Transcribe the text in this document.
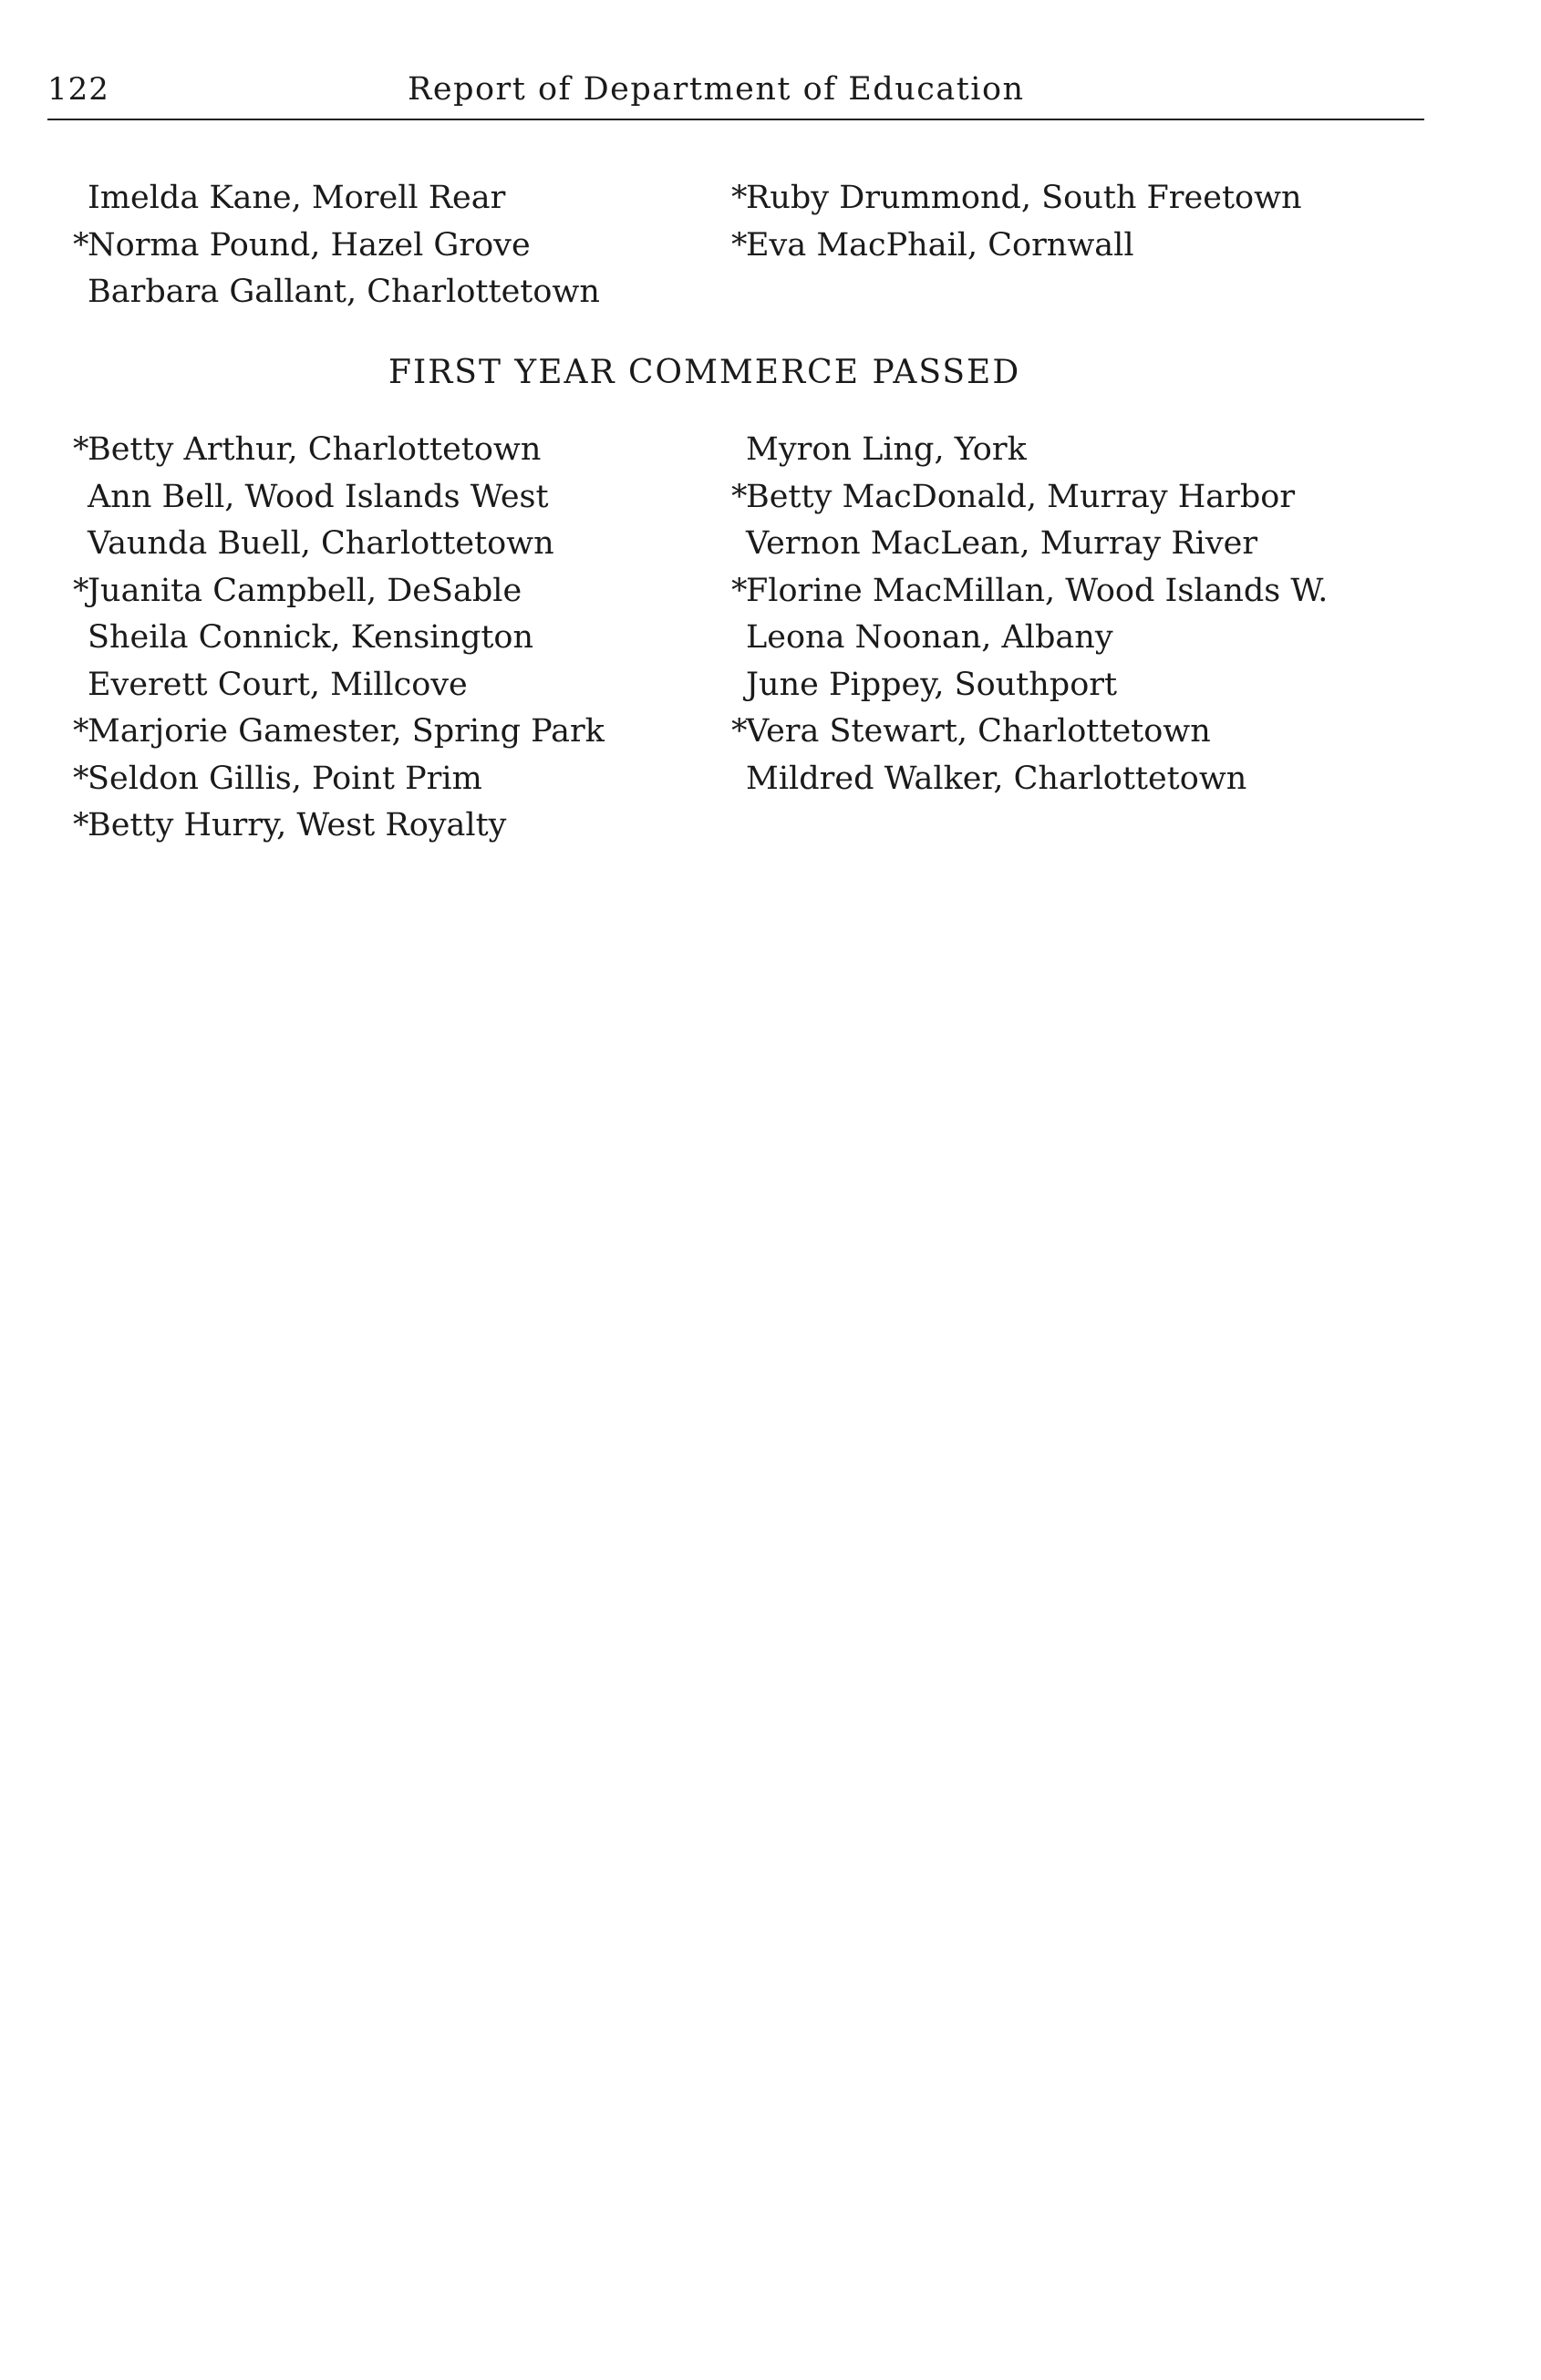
122	Report of Department of Education
Imelda Kane, Morell Rear
*Norma Pound, Hazel Grove
Barbara Gallant, Charlottetown
*Ruby Drummond, South Freetown
*Eva MacPhail, Cornwall
FIRST YEAR COMMERCE PASSED
*Betty Arthur, Charlottetown
Ann Bell, Wood Islands West
Vaunda Buell, Charlottetown
*Juanita Campbell, DeSable
Sheila Connick, Kensington
Everett Court, Millcove
*Marjorie Gamester, Spring Park
*Seldon Gillis, Point Prim
*Betty Hurry, West Royalty
Myron Ling, York
*Betty MacDonald, Murray Harbor
Vernon MacLean, Murray River
*Florine MacMillan, Wood Islands W.
Leona Noonan, Albany
June Pippey, Southport
*Vera Stewart, Charlottetown
Mildred Walker, Charlottetown
